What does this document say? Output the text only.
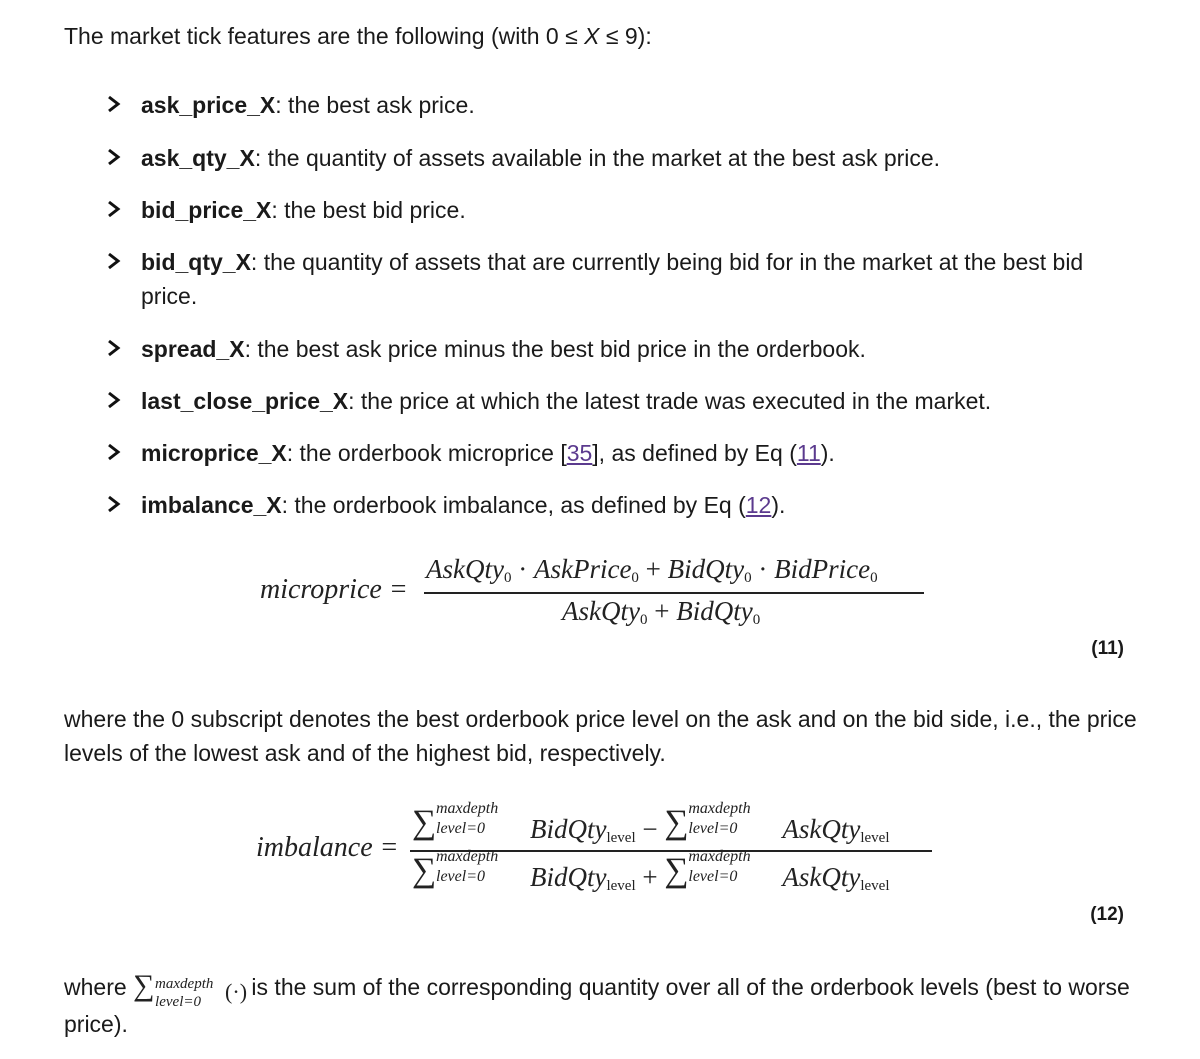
The market tick features are the following (with 0 ≤ X ≤ 9):

ask_price_X: the best ask price.
ask_qty_X: the quantity of assets available in the market at the best ask price.
bid_price_X: the best bid price.
bid_qty_X: the quantity of assets that are currently being bid for in the market at the best bid price.
spread_X: the best ask price minus the best bid price in the orderbook.
last_close_price_X: the price at which the latest trade was executed in the market.
microprice_X: the orderbook microprice [35], as defined by Eq (11).
imbalance_X: the orderbook imbalance, as defined by Eq (12).
microprice =
AskQty$_0$ · AskPrice$_0$ + BidQty$_0$ · BidPrice$_0$
AskQty$_0$ + BidQty$_0$
(11)

where the 0 subscript denotes the best orderbook price level on the ask and on the bid side, i.e., the price levels of the lowest ask and of the highest bid, respectively.

imbalance =
∑ maxdepth
level=0 BidQty$_{level}$ − ∑ maxdepth
level=0 AskQty$_{level}$
∑ maxdepth
level=0 BidQty$_{level}$ + ∑ maxdepth
level=0 AskQty$_{level}$
(12)

where ∑ maxdepth
level=0 (·)
is the sum of the corresponding quantity over all of the orderbook levels (best to worse price).
